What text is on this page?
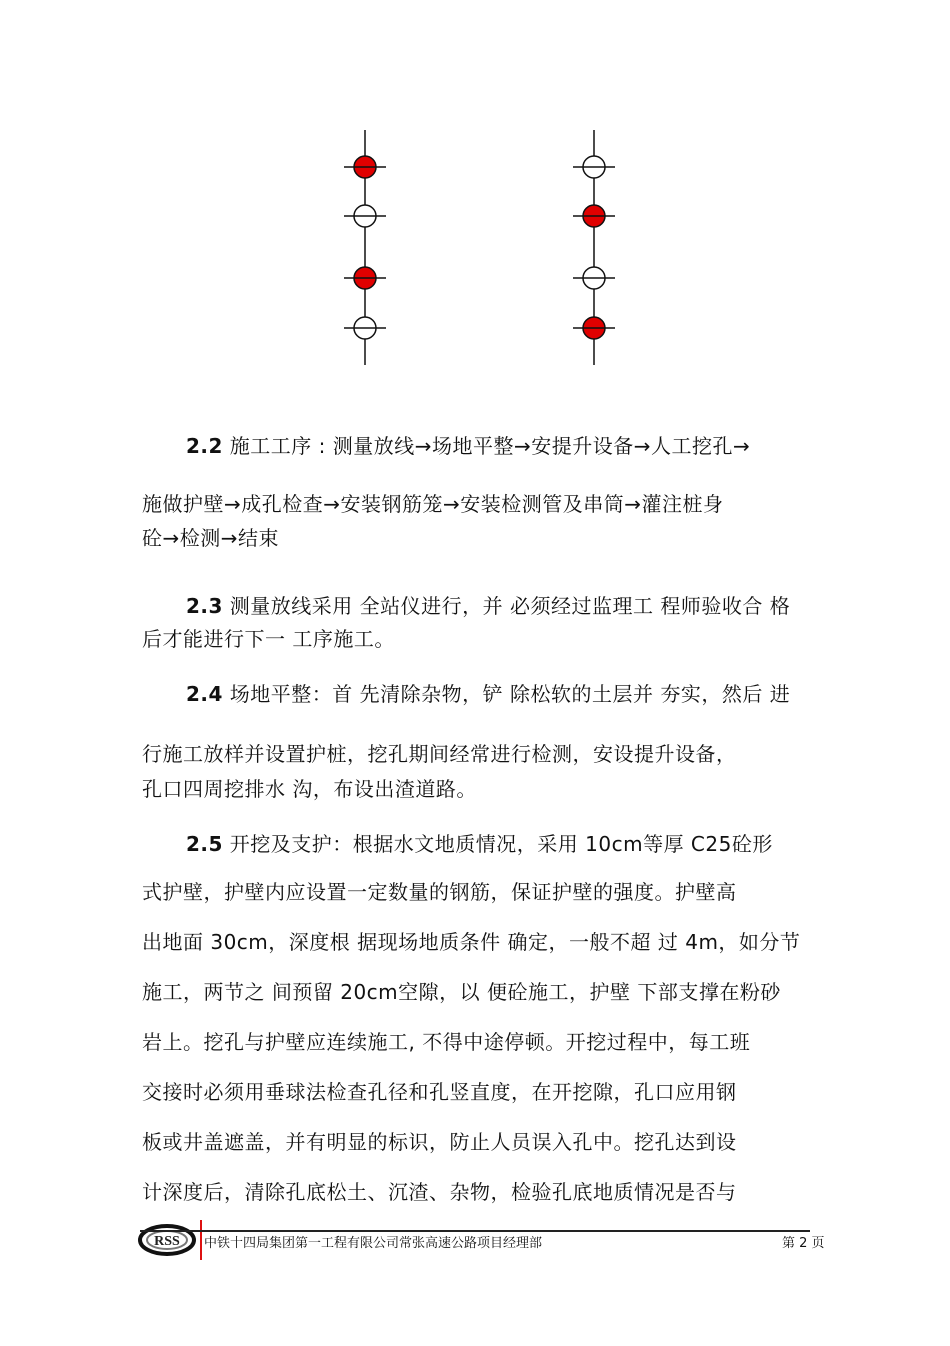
2.2 施工工序 : 测量放线→场地平整→安提升设备→人工挖孔→
施做护壁→成孔检查→安装钢筋笼→安装检测管及串筒→灌注桩身
砼→检测→结束
2.3 测量放线采用 全站仪进行，并 必须经过监理工 程师验收合 格
后才能进行下一 工序施工。
2.4 场地平整：首 先清除杂物，铲 除松软的土层并 夯实，然后 进
行施工放样并设置护桩，挖孔期间经常进行检测，安设提升设备，
孔口四周挖排水 沟，布设出渣道路。
2.5 开挖及支护：根据水文地质情况，采用 10cm等厚 C25砼形
式护壁，护壁内应设置一定数量的钢筋，保证护壁的强度。护壁高
出地面 30cm，深度根 据现场地质条件 确定，一般不超 过 4m，如分节
施工，两节之 间预留 20cm空隙，以 便砼施工，护壁 下部支撑在粉砂
岩上。挖孔与护壁应连续施工, 不得中途停顿。开挖过程中，每工班
交接时必须用垂球法检查孔径和孔竖直度，在开挖隙，孔口应用钢
板或井盖遮盖，并有明显的标识，防止人员误入孔中。挖孔达到设
计深度后，清除孔底松土、沉渣、杂物，检验孔底地质情况是否与
RSS 中铁十四局集团第一工程有限公司常张高速公路项目经理部	第 2 页
